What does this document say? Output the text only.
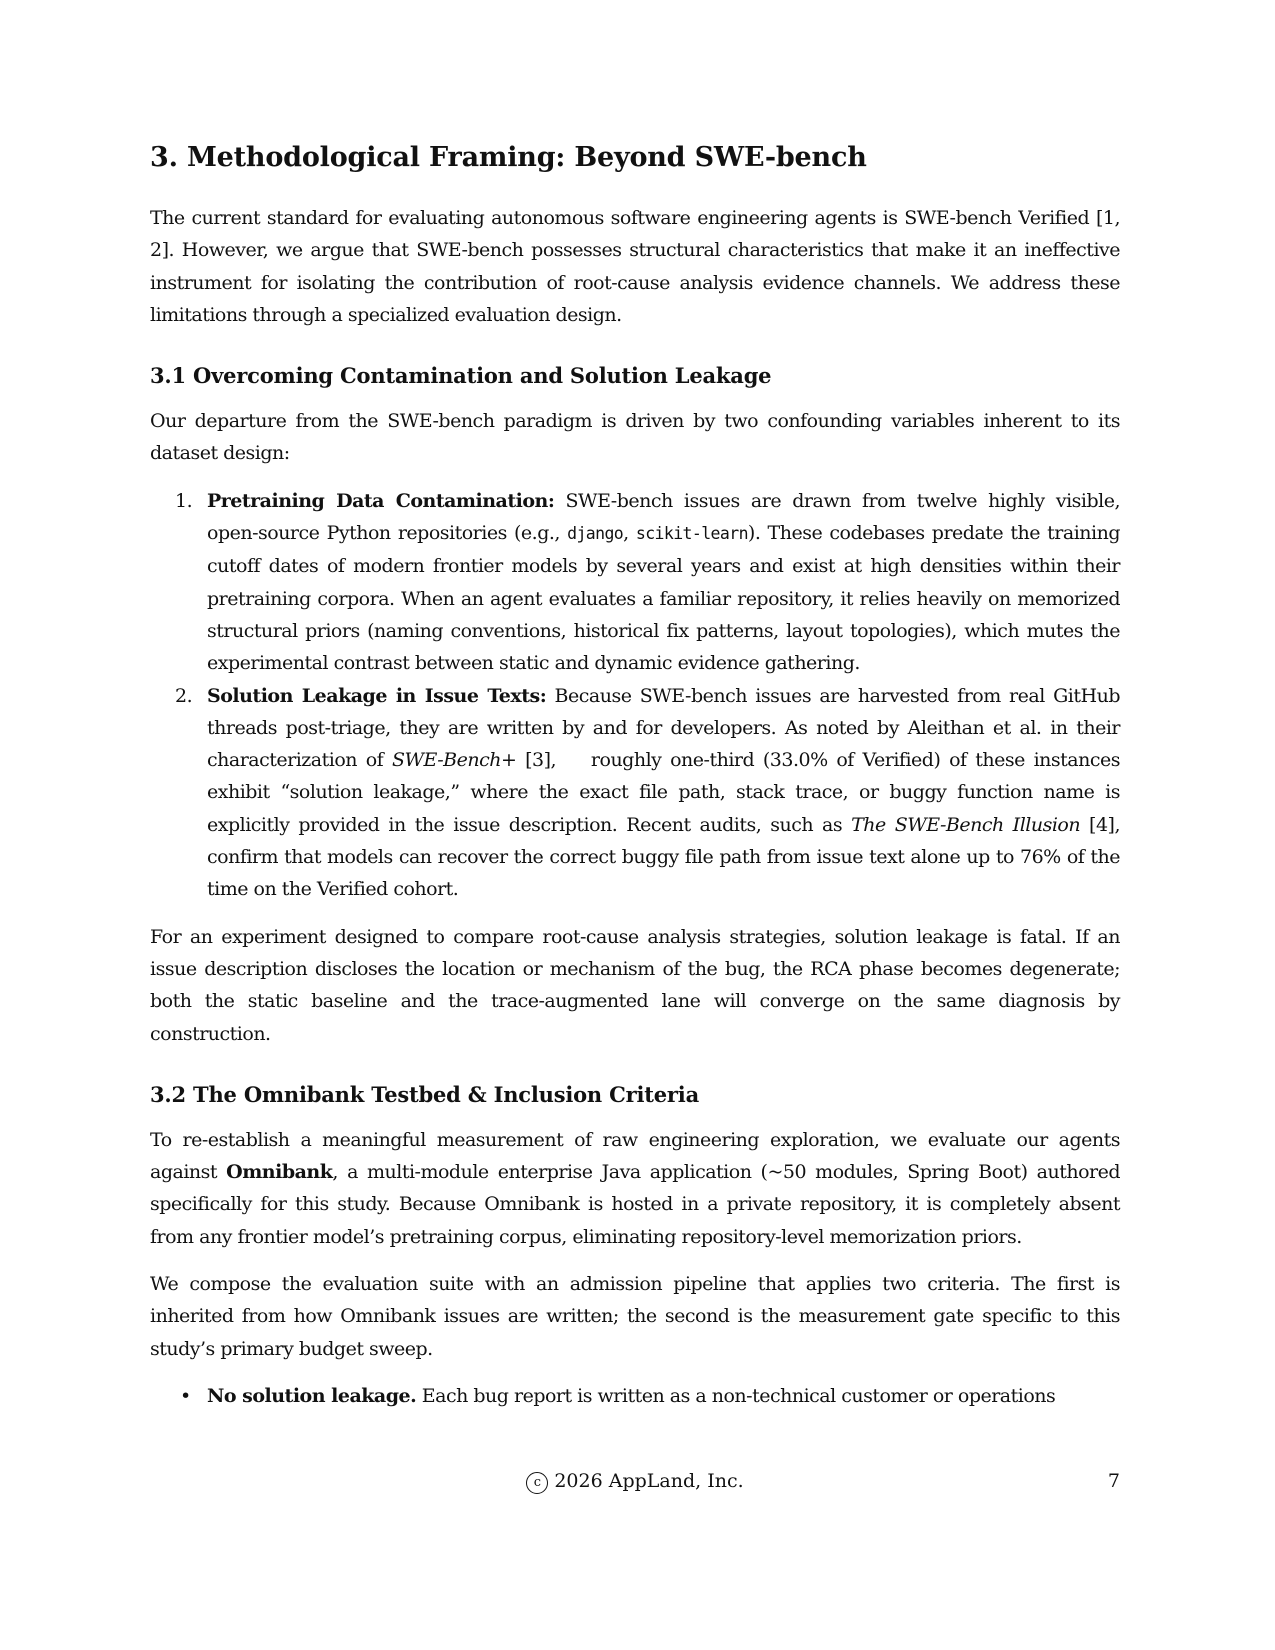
3. Methodological Framing: Beyond SWE-bench

The current standard for evaluating autonomous software engineering agents is SWE-bench Verified [1, 2]. However, we argue that SWE-bench possesses structural characteristics that make it an ineffective instrument for isolating the contribution of root-cause analysis evidence channels. We address these limitations through a specialized evaluation design.

3.1 Overcoming Contamination and Solution Leakage

Our departure from the SWE-bench paradigm is driven by two confounding variables inherent to its dataset design:

1. Pretraining Data Contamination: SWE-bench issues are drawn from twelve highly visible, open-source Python repositories (e.g., django, scikit-learn). These codebases predate the training cutoff dates of modern frontier models by several years and exist at high densities within their pretraining corpora. When an agent evaluates a familiar repository, it relies heavily on memorized structural priors (naming conventions, historical fix patterns, layout topologies), which mutes the experimental contrast between static and dynamic evidence gathering.
2. Solution Leakage in Issue Texts: Because SWE-bench issues are harvested from real GitHub threads post-triage, they are written by and for developers. As noted by Aleithan et al. in their characterization of SWE-Bench+ [3],    roughly one-third (33.0% of Verified) of these instances exhibit “solution leakage,” where the exact file path, stack trace, or buggy function name is explicitly provided in the issue description. Recent audits, such as The SWE-Bench Illusion [4],    confirm that models can recover the correct buggy file path from issue text alone up to 76% of the time on the Verified cohort.

For an experiment designed to compare root-cause analysis strategies, solution leakage is fatal. If an issue description discloses the location or mechanism of the bug, the RCA phase becomes degenerate; both the static baseline and the trace-augmented lane will converge on the same diagnosis by construction.

3.2 The Omnibank Testbed & Inclusion Criteria

To re-establish a meaningful measurement of raw engineering exploration, we evaluate our agents against Omnibank, a multi-module enterprise Java application (~50 modules, Spring Boot) authored specifically for this study. Because Omnibank is hosted in a private repository, it is completely absent from any frontier model’s pretraining corpus, eliminating repository-level memorization priors.

We compose the evaluation suite with an admission pipeline that applies two criteria. The first is inherited from how Omnibank issues are written; the second is the measurement gate specific to this study’s primary budget sweep.

• No solution leakage. Each bug report is written as a non-technical customer or operations
c 2026 AppLand, Inc.	7
